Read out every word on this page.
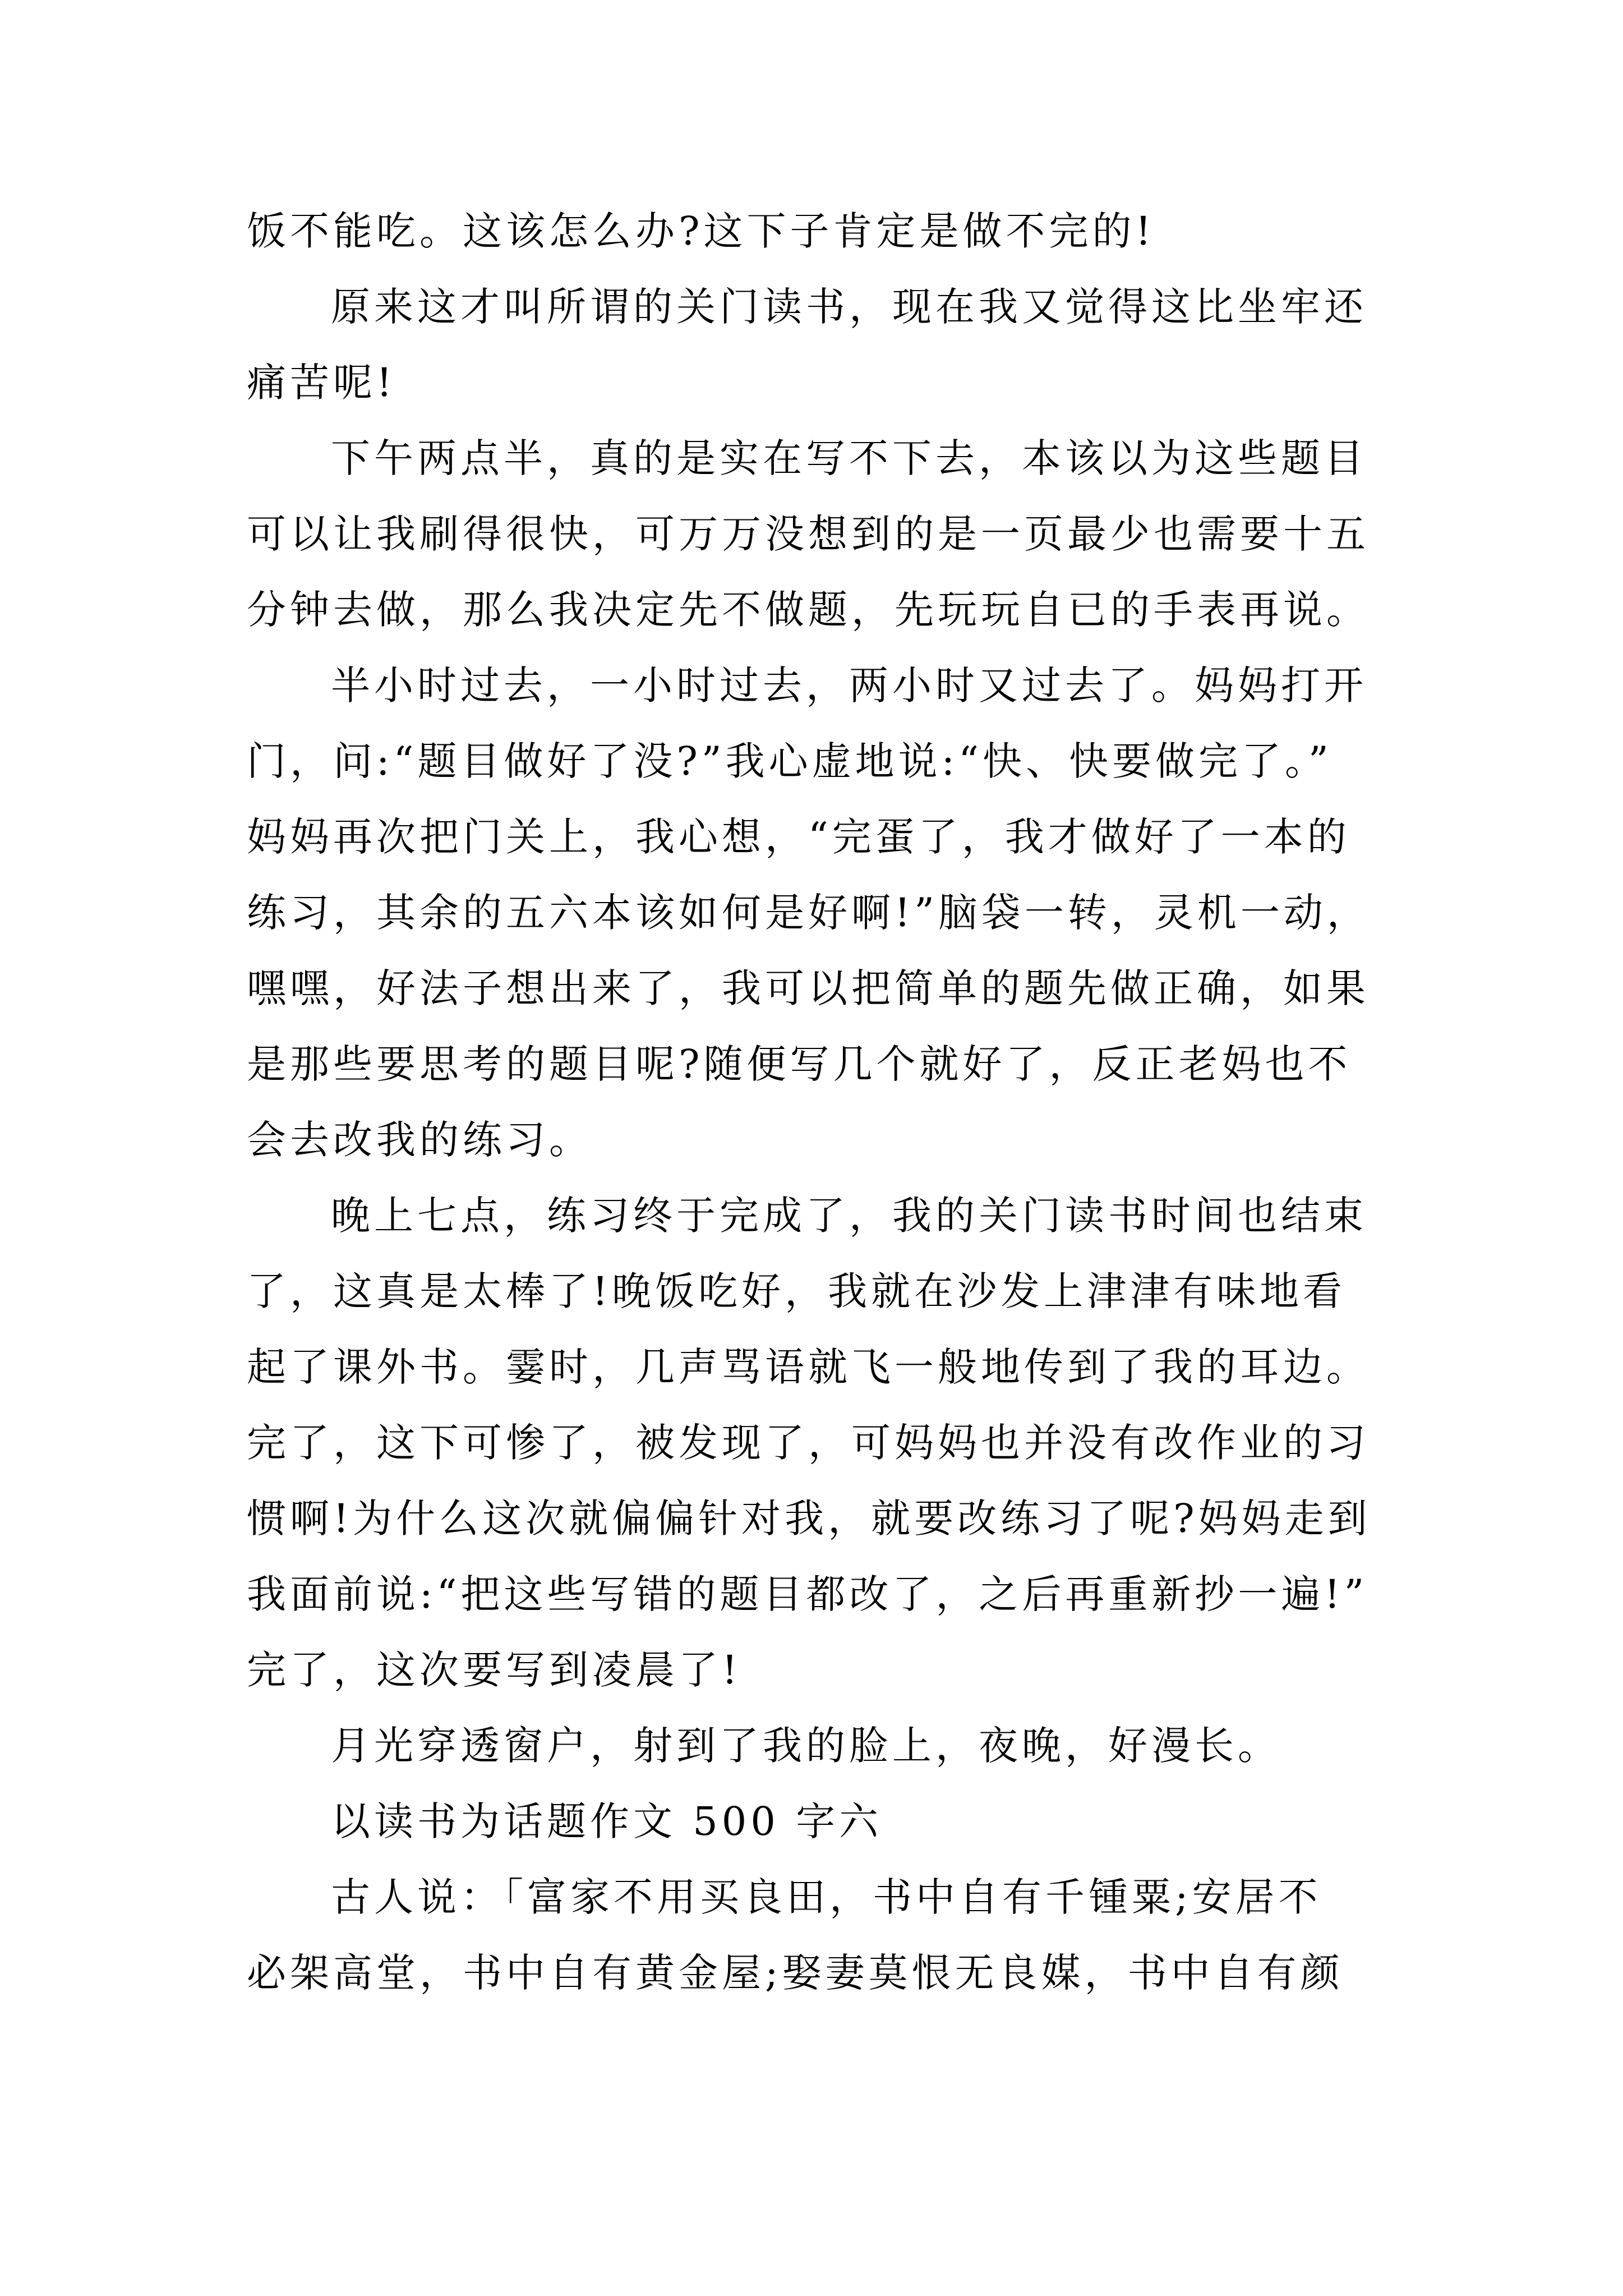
饭不能吃。这该怎么办?这下子肯定是做不完的!
原来这才叫所谓的关门读书，现在我又觉得这比坐牢还
痛苦呢!
下午两点半，真的是实在写不下去，本该以为这些题目
可以让我刷得很快，可万万没想到的是一页最少也需要十五
分钟去做，那么我决定先不做题，先玩玩自已的手表再说。
半小时过去，一小时过去，两小时又过去了。妈妈打开
门，问:“题目做好了没?”我心虚地说:“快、快要做完了。”
妈妈再次把门关上，我心想，“完蛋了，我才做好了一本的
练习，其余的五六本该如何是好啊!”脑袋一转，灵机一动，
嘿嘿，好法子想出来了，我可以把简单的题先做正确，如果
是那些要思考的题目呢?随便写几个就好了，反正老妈也不
会去改我的练习。
晚上七点，练习终于完成了，我的关门读书时间也结束
了，这真是太棒了!晚饭吃好，我就在沙发上津津有味地看
起了课外书。霎时，几声骂语就飞一般地传到了我的耳边。
完了，这下可惨了，被发现了，可妈妈也并没有改作业的习
惯啊!为什么这次就偏偏针对我，就要改练习了呢?妈妈走到
我面前说:“把这些写错的题目都改了，之后再重新抄一遍!”
完了，这次要写到凌晨了!
月光穿透窗户，射到了我的脸上，夜晚，好漫长。
以读书为话题作文 500 字六
古人说：「富家不用买良田，书中自有千锺粟;安居不
必架高堂，书中自有黄金屋;娶妻莫恨无良媒，书中自有颜
